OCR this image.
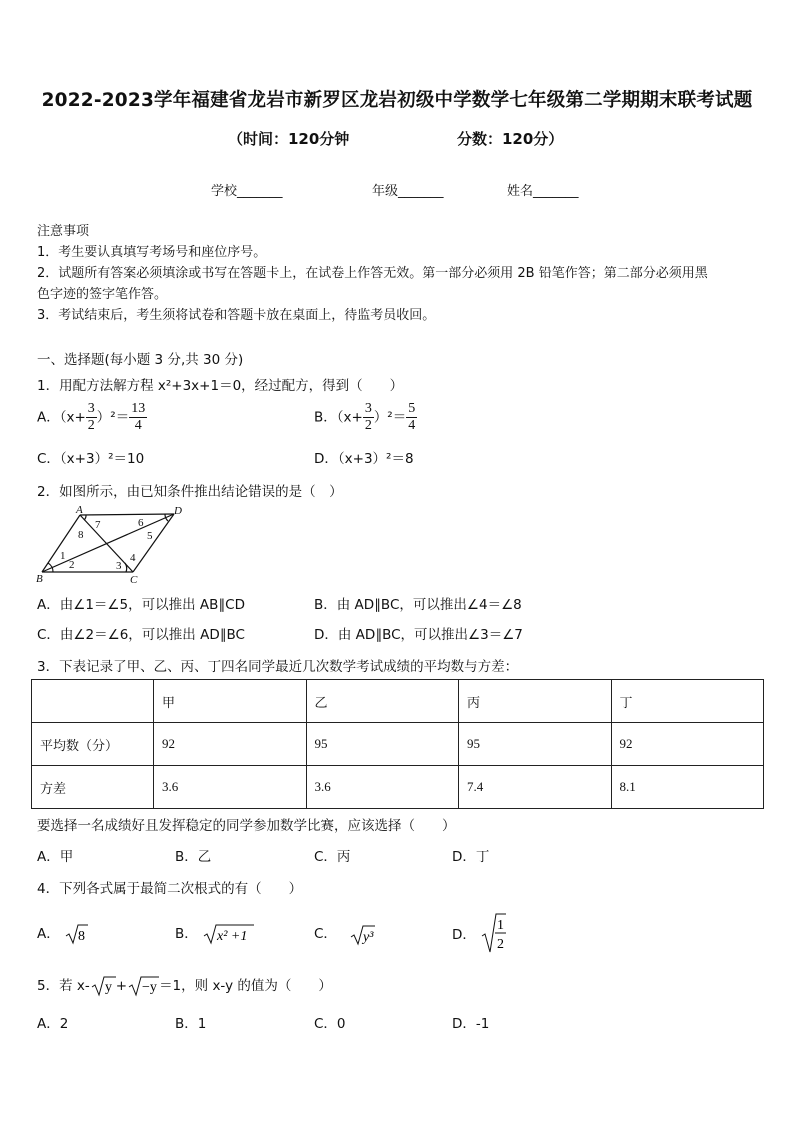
2022-2023学年福建省龙岩市新罗区龙岩初级中学数学七年级第二学期期末联考试题
（时间：120分钟	分数：120分）
学校_______	年级_______	姓名_______
注意事项
1．考生要认真填写考场号和座位序号。
2．试题所有答案必须填涂或书写在答题卡上，在试卷上作答无效。第一部分必须用 2B 铅笔作答；第二部分必须用黑
色字迹的签字笔作答。
3．考试结束后，考生须将试卷和答题卡放在桌面上，待监考员收回。
一、选择题(每小题 3 分,共 30 分)
1．用配方法解方程 x²+3x+1＝0，经过配方，得到（　　）
A．$(x+ \frac{3}{2} )^2= \frac{13}{4}$	B．$(x+ \frac{3}{2} )^2= \frac{5}{4}$
C．（x+3）²＝10	D．（x+3）²＝8
2．如图所示，由已知条件推出结论错误的是（　）
A	D
B	C
1
2	3
4
5
6
7
8
A．由∠1＝∠5，可以推出 AB∥CD	B．由 AD∥BC，可以推出∠4＝∠8
C．由∠2＝∠6，可以推出 AD∥BC	D．由 AD∥BC，可以推出∠3＝∠7
3．下表记录了甲、乙、丙、丁四名同学最近几次数学考试成绩的平均数与方差：
	甲	乙	丙	丁
平均数（分）	92	95	95	92
方差	3.6	3.6	7.4	8.1
要选择一名成绩好且发挥稳定的同学参加数学比赛，应该选择（　　）
A．甲	B．乙	C．丙	D．丁
4．下列各式属于最简二次根式的有（　　）
A． 8	B． x² +1	C． y³	D．
1
2
5．若 x- y + −y ＝1，则 x-y 的值为（　　）
A．2	B．1	C．0	D．-1
